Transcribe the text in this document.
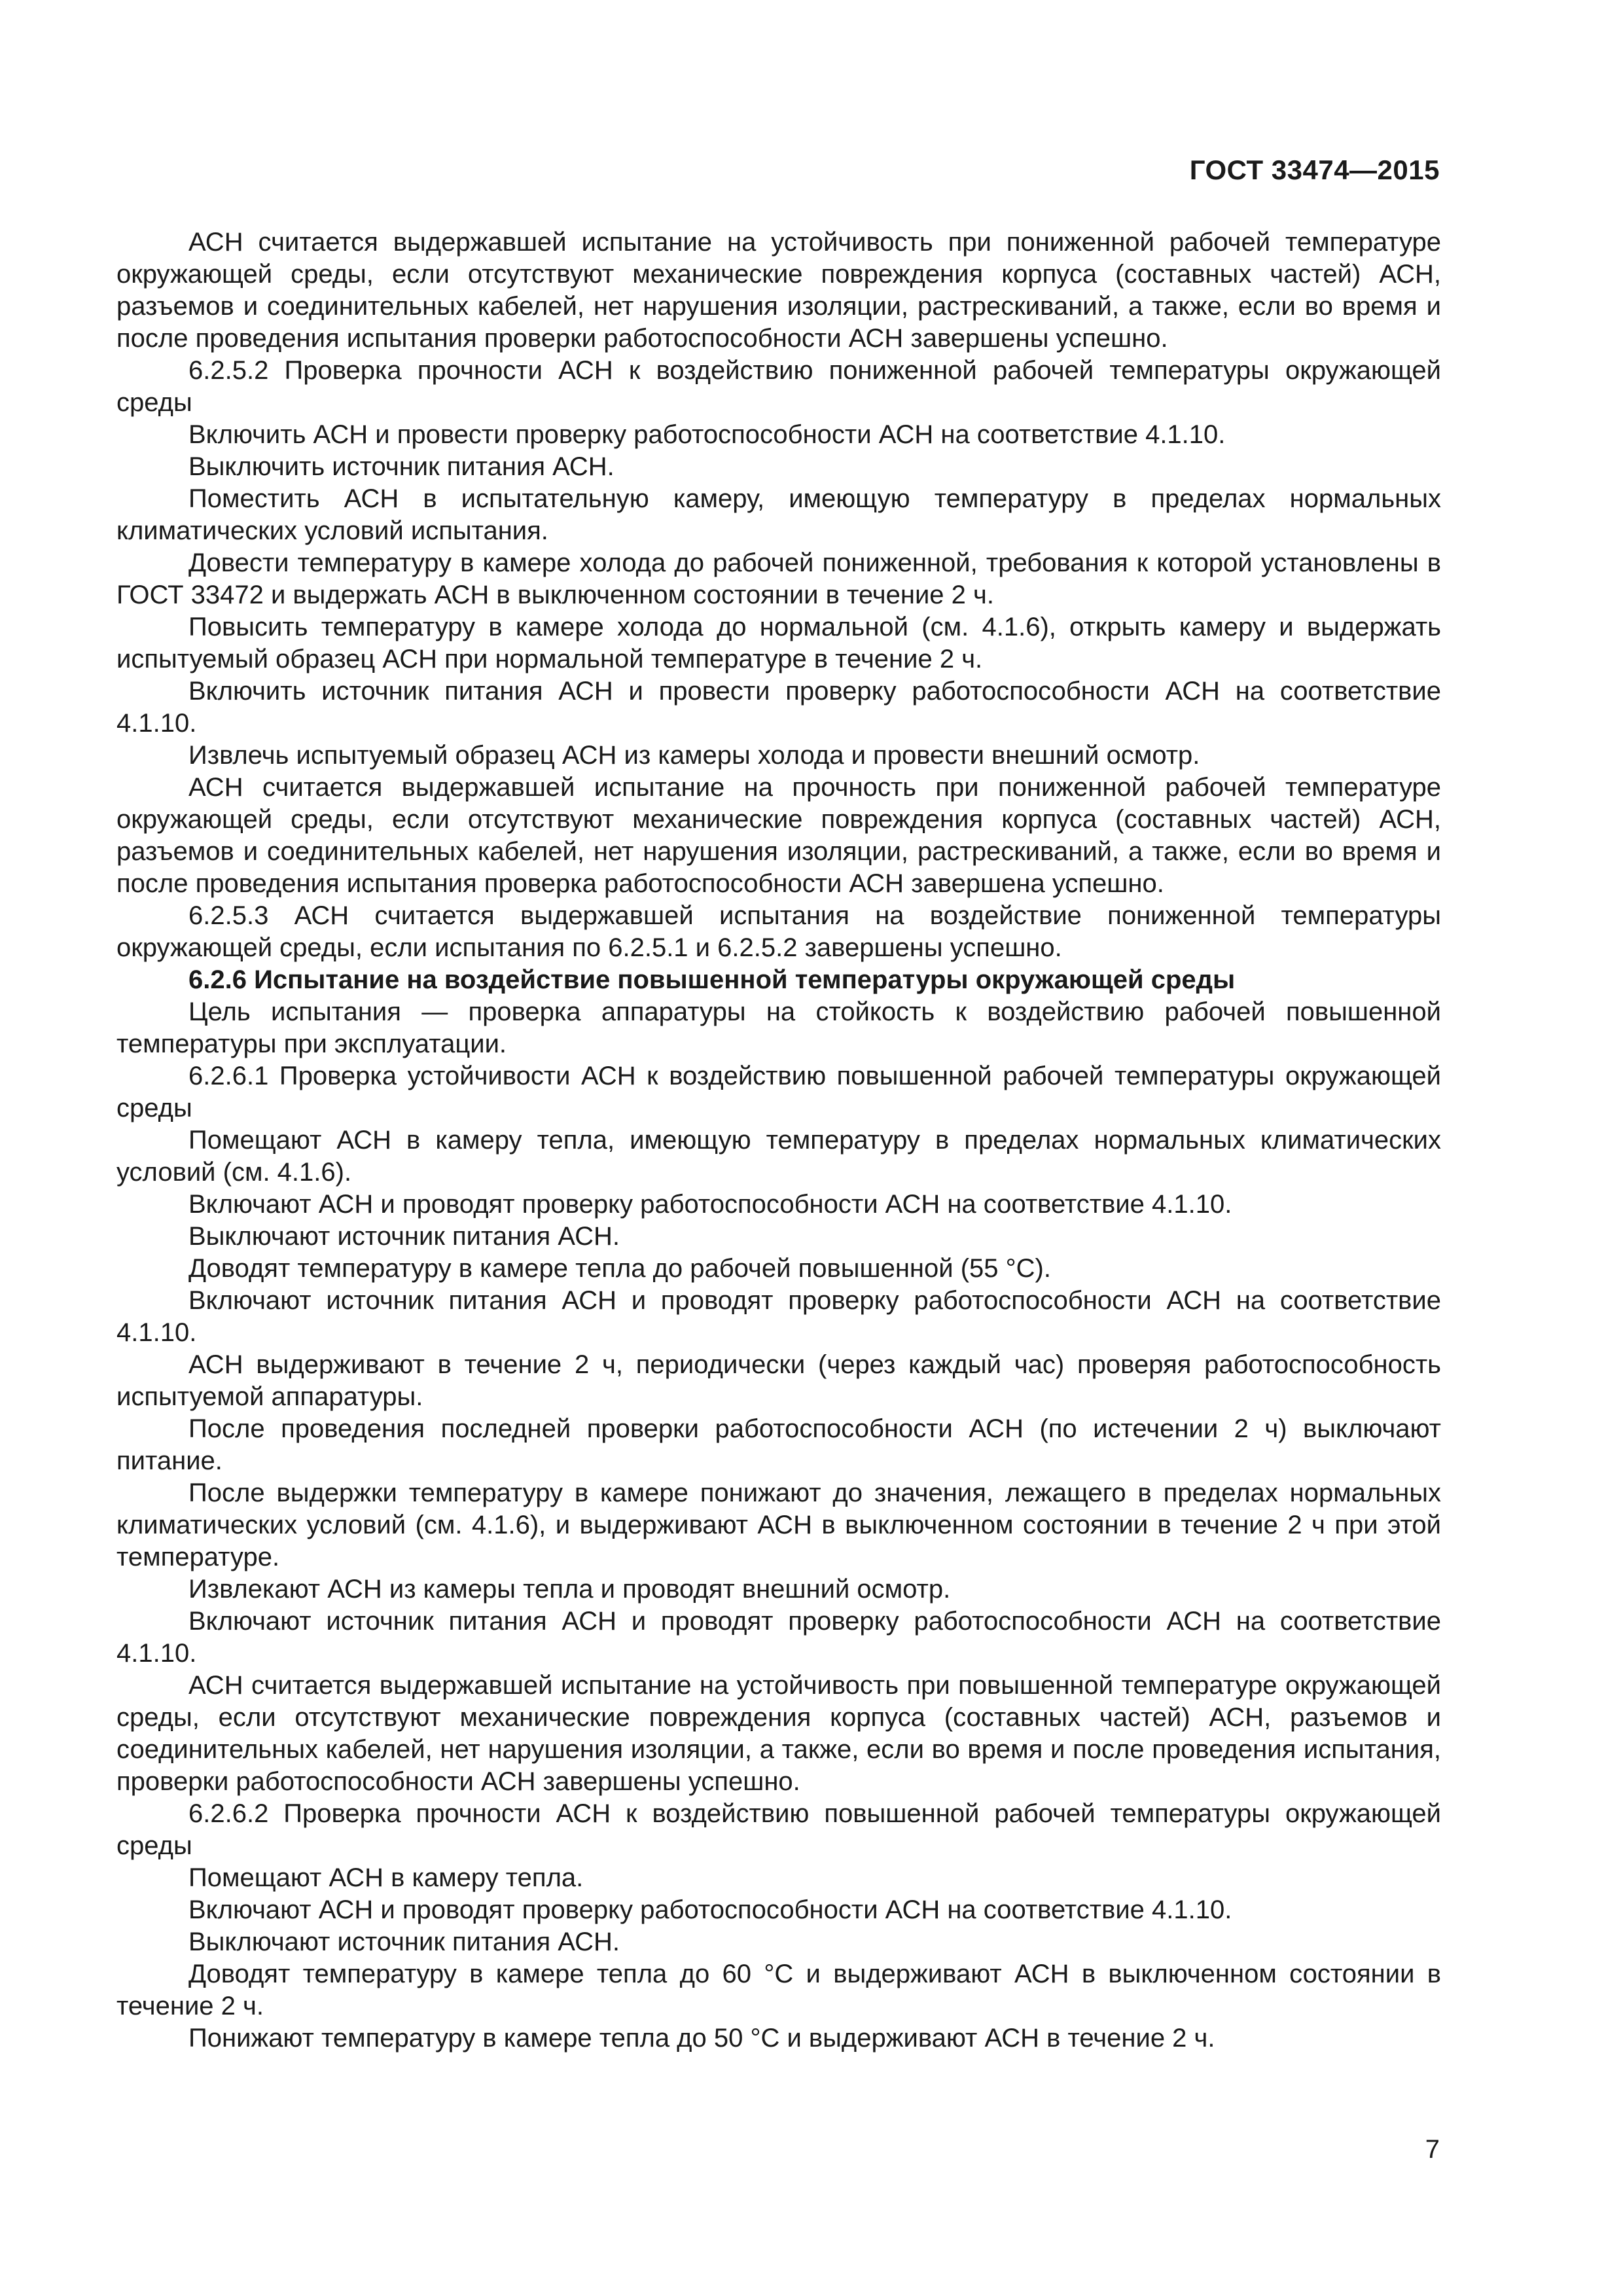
ГОСТ 33474—2015

АСН считается выдержавшей испытание на устойчивость при пониженной рабочей температуре окружающей среды, если отсутствуют механические повреждения корпуса (составных частей) АСН, разъемов и соединительных кабелей, нет нарушения изоляции, растрескиваний, а также, если во время и после проведения испытания проверки работоспособности АСН завершены успешно.

6.2.5.2 Проверка прочности АСН к воздействию пониженной рабочей температуры окружающей среды

Включить АСН и провести проверку работоспособности АСН на соответствие 4.1.10.

Выключить источник питания АСН.

Поместить АСН в испытательную камеру, имеющую температуру в пределах нормальных климатических условий испытания.

Довести температуру в камере холода до рабочей пониженной, требования к которой установлены в ГОСТ 33472 и выдержать АСН в выключенном состоянии в течение 2 ч.

Повысить температуру в камере холода до нормальной (см. 4.1.6), открыть камеру и выдержать испытуемый образец АСН при нормальной температуре в течение 2 ч.

Включить источник питания АСН и провести проверку работоспособности АСН на соответствие 4.1.10.

Извлечь испытуемый образец АСН из камеры холода и провести внешний осмотр.

АСН считается выдержавшей испытание на прочность при пониженной рабочей температуре окружающей среды, если отсутствуют механические повреждения корпуса (составных частей) АСН, разъемов и соединительных кабелей, нет нарушения изоляции, растрескиваний, а также, если во время и после проведения испытания проверка работоспособности АСН завершена успешно.

6.2.5.3 АСН считается выдержавшей испытания на воздействие пониженной температуры окружающей среды, если испытания по 6.2.5.1 и 6.2.5.2 завершены успешно.

6.2.6 Испытание на воздействие повышенной температуры окружающей среды

Цель испытания — проверка аппаратуры на стойкость к воздействию рабочей повышенной температуры при эксплуатации.

6.2.6.1 Проверка устойчивости АСН к воздействию повышенной рабочей температуры окружающей среды

Помещают АСН в камеру тепла, имеющую температуру в пределах нормальных климатических условий (см. 4.1.6).

Включают АСН и проводят проверку работоспособности АСН на соответствие 4.1.10.

Выключают источник питания АСН.

Доводят температуру в камере тепла до рабочей повышенной (55 °C).

Включают источник питания АСН и проводят проверку работоспособности АСН на соответствие 4.1.10.

АСН выдерживают в течение 2 ч, периодически (через каждый час) проверяя работоспособность испытуемой аппаратуры.

После проведения последней проверки работоспособности АСН (по истечении 2 ч) выключают питание.

После выдержки температуру в камере понижают до значения, лежащего в пределах нормальных климатических условий (см. 4.1.6), и выдерживают АСН в выключенном состоянии в течение 2 ч при этой температуре.

Извлекают АСН из камеры тепла и проводят внешний осмотр.

Включают источник питания АСН и проводят проверку работоспособности АСН на соответствие 4.1.10.

АСН считается выдержавшей испытание на устойчивость при повышенной температуре окружающей среды, если отсутствуют механические повреждения корпуса (составных частей) АСН, разъемов и соединительных кабелей, нет нарушения изоляции, а также, если во время и после проведения испытания, проверки работоспособности АСН завершены успешно.

6.2.6.2 Проверка прочности АСН к воздействию повышенной рабочей температуры окружающей среды

Помещают АСН в камеру тепла.

Включают АСН и проводят проверку работоспособности АСН на соответствие 4.1.10.

Выключают источник питания АСН.

Доводят температуру в камере тепла до 60 °C и выдерживают АСН в выключенном состоянии в течение 2 ч.

Понижают температуру в камере тепла до 50 °C и выдерживают АСН в течение 2 ч.

7
